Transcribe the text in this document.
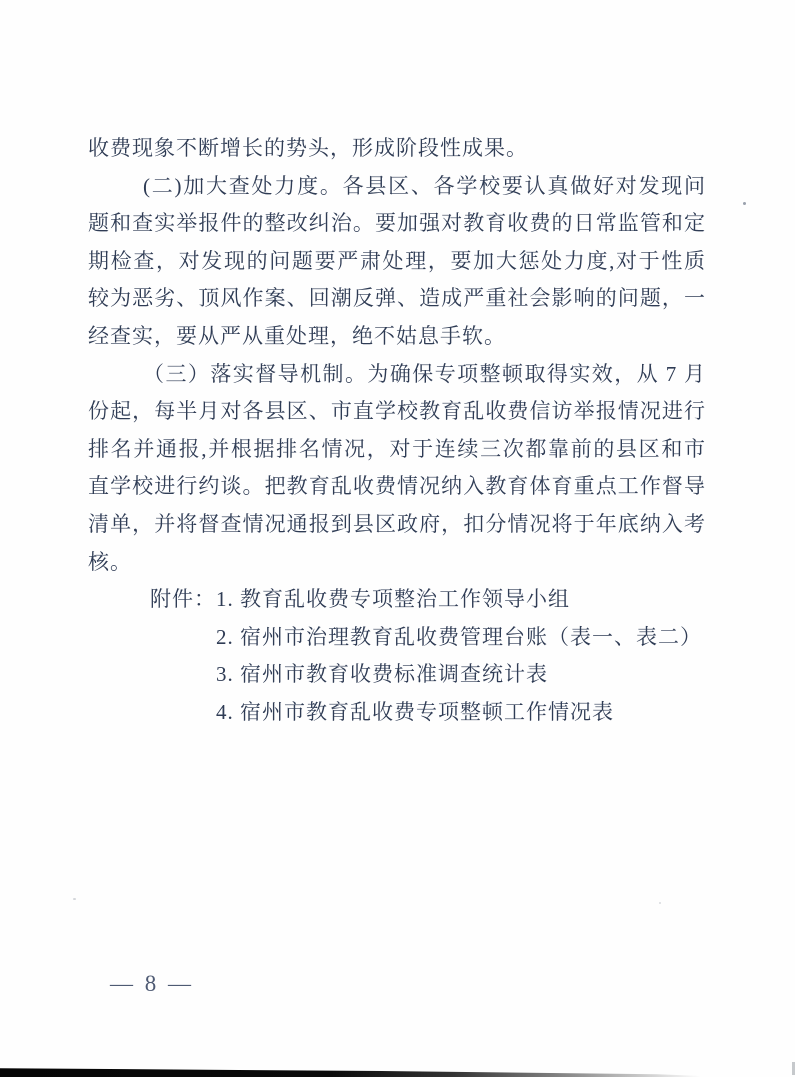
收费现象不断增长的势头，形成阶段性成果。

(二)加大查处力度。各县区、各学校要认真做好对发现问题和查实举报件的整改纠治。要加强对教育收费的日常监管和定期检查，对发现的问题要严肃处理，要加大惩处力度,对于性质较为恶劣、顶风作案、回潮反弹、造成严重社会影响的问题，一经查实，要从严从重处理，绝不姑息手软。

（三）落实督导机制。为确保专项整顿取得实效，从 7 月份起，每半月对各县区、市直学校教育乱收费信访举报情况进行排名并通报,并根据排名情况，对于连续三次都靠前的县区和市直学校进行约谈。把教育乱收费情况纳入教育体育重点工作督导清单，并将督查情况通报到县区政府，扣分情况将于年底纳入考核。

附件：1. 教育乱收费专项整治工作领导小组
2. 宿州市治理教育乱收费管理台账（表一、表二）
3. 宿州市教育收费标准调查统计表
4. 宿州市教育乱收费专项整顿工作情况表
— 8 —
